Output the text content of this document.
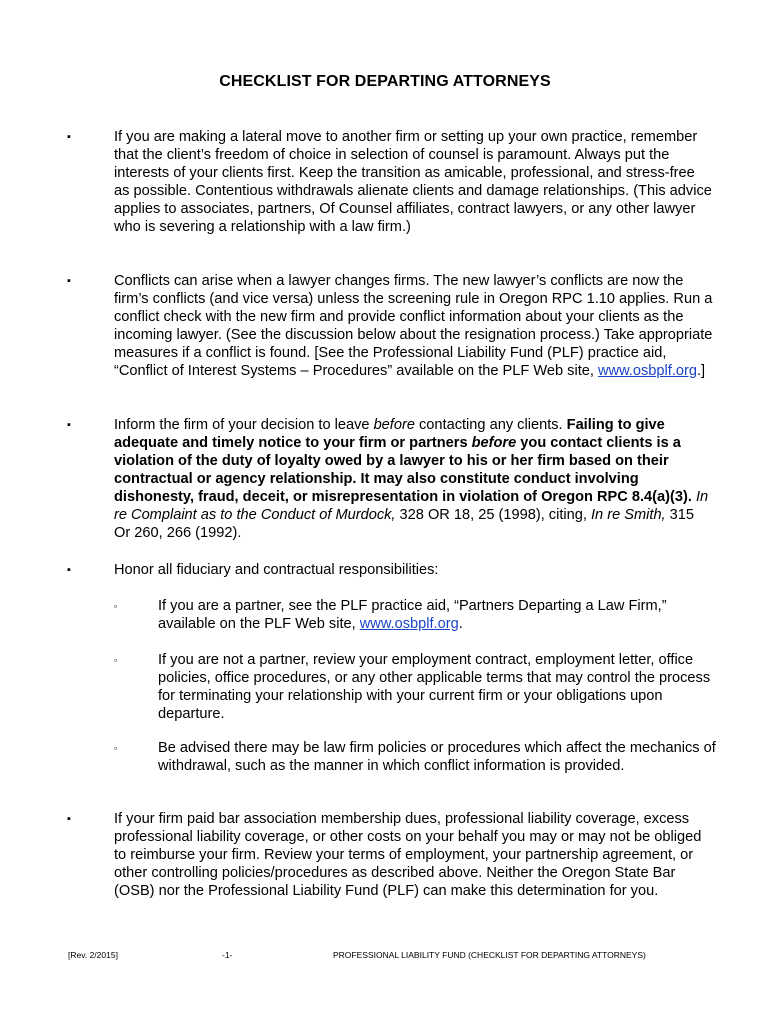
CHECKLIST FOR DEPARTING ATTORNEYS
▪	If you are making a lateral move to another firm or setting up your own practice, remember that the client’s freedom of choice in selection of counsel is paramount. Always put the interests of your clients first. Keep the transition as amicable, professional, and stress-free as possible. Contentious withdrawals alienate clients and damage relationships. (This advice applies to associates, partners, Of Counsel affiliates, contract lawyers, or any other lawyer who is severing a relationship with a law firm.)

▪	Conflicts can arise when a lawyer changes firms. The new lawyer’s conflicts are now the firm’s conflicts (and vice versa) unless the screening rule in Oregon RPC 1.10 applies. Run a conflict check with the new firm and provide conflict information about your clients as the incoming lawyer. (See the discussion below about the resignation process.) Take appropriate measures if a conflict is found. [See the Professional Liability Fund (PLF) practice aid, “Conflict of Interest Systems – Procedures” available on the PLF Web site, www.osbplf.org.]

▪	Inform the firm of your decision to leave before contacting any clients. Failing to give adequate and timely notice to your firm or partners before you contact clients is a violation of the duty of loyalty owed by a lawyer to his or her firm based on their contractual or agency relationship. It may also constitute conduct involving dishonesty, fraud, deceit, or misrepresentation in violation of Oregon RPC 8.4(a)(3). In re Complaint as to the Conduct of Murdock, 328 OR 18, 25 (1998), citing, In re Smith, 315 Or 260, 266 (1992).

▪	Honor all fiduciary and contractual responsibilities:

▫	If you are a partner, see the PLF practice aid, “Partners Departing a Law Firm,” available on the PLF Web site, www.osbplf.org.

▫	If you are not a partner, review your employment contract, employment letter, office policies, office procedures, or any other applicable terms that may control the process for terminating your relationship with your current firm or your obligations upon departure.

▫	Be advised there may be law firm policies or procedures which affect the mechanics of withdrawal, such as the manner in which conflict information is provided.

▪	If your firm paid bar association membership dues, professional liability coverage, excess professional liability coverage, or other costs on your behalf you may or may not be obliged to reimburse your firm. Review your terms of employment, your partnership agreement, or other controlling policies/procedures as described above. Neither the Oregon State Bar (OSB) nor the Professional Liability Fund (PLF) can make this determination for you.

[Rev. 2/2015]	-1-	PROFESSIONAL LIABILITY FUND (CHECKLIST FOR DEPARTING ATTORNEYS)
